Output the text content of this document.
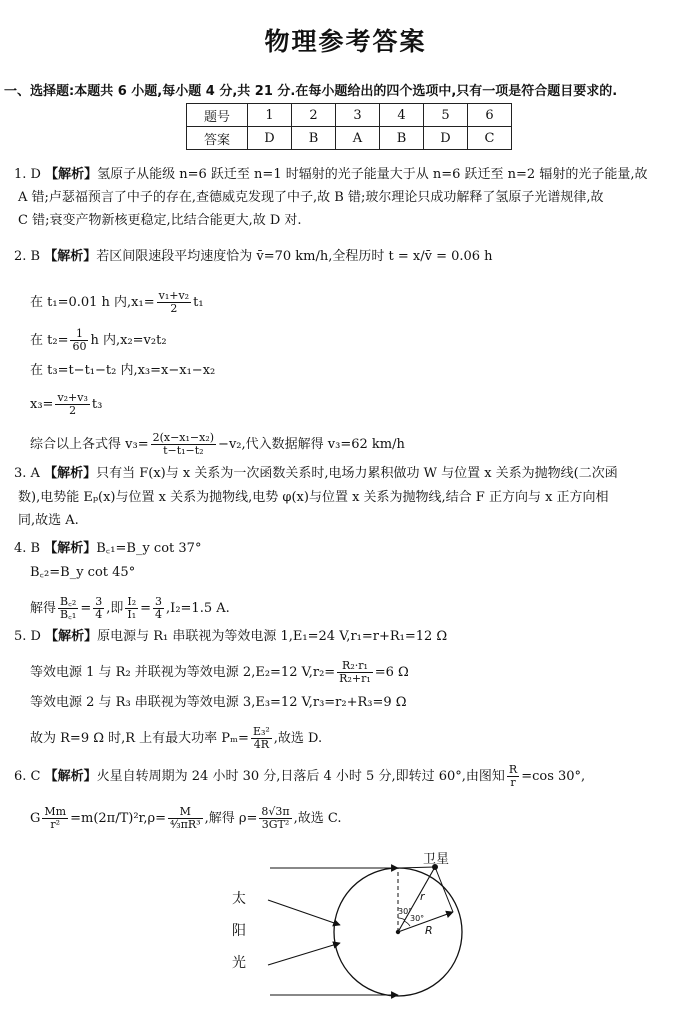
物理参考答案
一、选择题:本题共 6 小题,每小题 4 分,共 21 分.在每小题给出的四个选项中,只有一项是符合题目要求的.
题号	1	2	3	4	5	6
答案	D	B	A	B	D	C
1. D 【解析】氢原子从能级 n=6 跃迁至 n=1 时辐射的光子能量大于从 n=6 跃迁至 n=2 辐射的光子能量,故
A 错;卢瑟福预言了中子的存在,查德威克发现了中子,故 B 错;玻尔理论只成功解释了氢原子光谱规律,故
C 错;衰变产物新核更稳定,比结合能更大,故 D 对.
2. B 【解析】若区间限速段平均速度恰为 v̄=70 km/h,全程历时 t = x/v̄ = 0.06 h
在 t₁=0.01 h 内$,x_1= \frac{\text{v₁+v₂}}{2} t_1$
在 $t_2= \frac{1}{60}$ h 内,x₂=v₂t₂
在 t₃=t−t₁−t₂ 内,x₃=x−x₁−x₂
$x_3= \frac{\text{v₂+v₃}}{2} t_3$
综合以上各式得 $v_3= \frac{\text{2(x−x₁−x₂)}}{\text{t−t₁−t₂}} -v_2$,代入数据解得 v₃=62 km/h
3. A 【解析】只有当 F(x)与 x 关系为一次函数关系时,电场力累积做功 W 与位置 x 关系为抛物线(二次函
数),电势能 Eₚ(x)与位置 x 关系为抛物线,电势 φ(x)与位置 x 关系为抛物线,结合 F 正方向与 x 正方向相
同,故选 A.
4. B 【解析】B꜀₁=B_y cot 37°
B꜀₂=B_y cot 45°
解得 $\frac{\text{B꜀₂}}{\text{B꜀₁}} = \frac{3}{4}$ ,即 $\frac{\text{I₂}}{\text{I₁}} = \frac{3}{4} ,I_2=1.5$ A.
5. D 【解析】原电源与 R₁ 串联视为等效电源 1,E₁=24 V,r₁=r+R₁=12 Ω
等效电源 1 与 R₂ 并联视为等效电源 2,E₂=12 $V,r_2= \frac{\text{R₂·r₁}}{\text{R₂+r₁}} =6$ Ω
等效电源 2 与 R₃ 串联视为等效电源 3,E₃=12 V,r₃=r₂+R₃=9 Ω
故为 R=9 Ω 时,R 上有最大功率 $P_m= \frac{\text{E₃²}}{4R}$ ,故选 D.
6. C 【解析】火星自转周期为 24 小时 30 分,日落后 4 小时 5 分,即转过 60°,由图知 $\frac{R}{r} =\cos$ 30°,
G $\frac{Mm}{\text{r²}} =m(2\pi/T)^2r,\rho= \frac{M}{\text{⁴⁄₃πR³}}$ ,解得 $\rho= \frac{8√3\pi}{\text{3GT²}}$ ,故选 C.
太
阳
光
卫星
r
R
30°
30°
